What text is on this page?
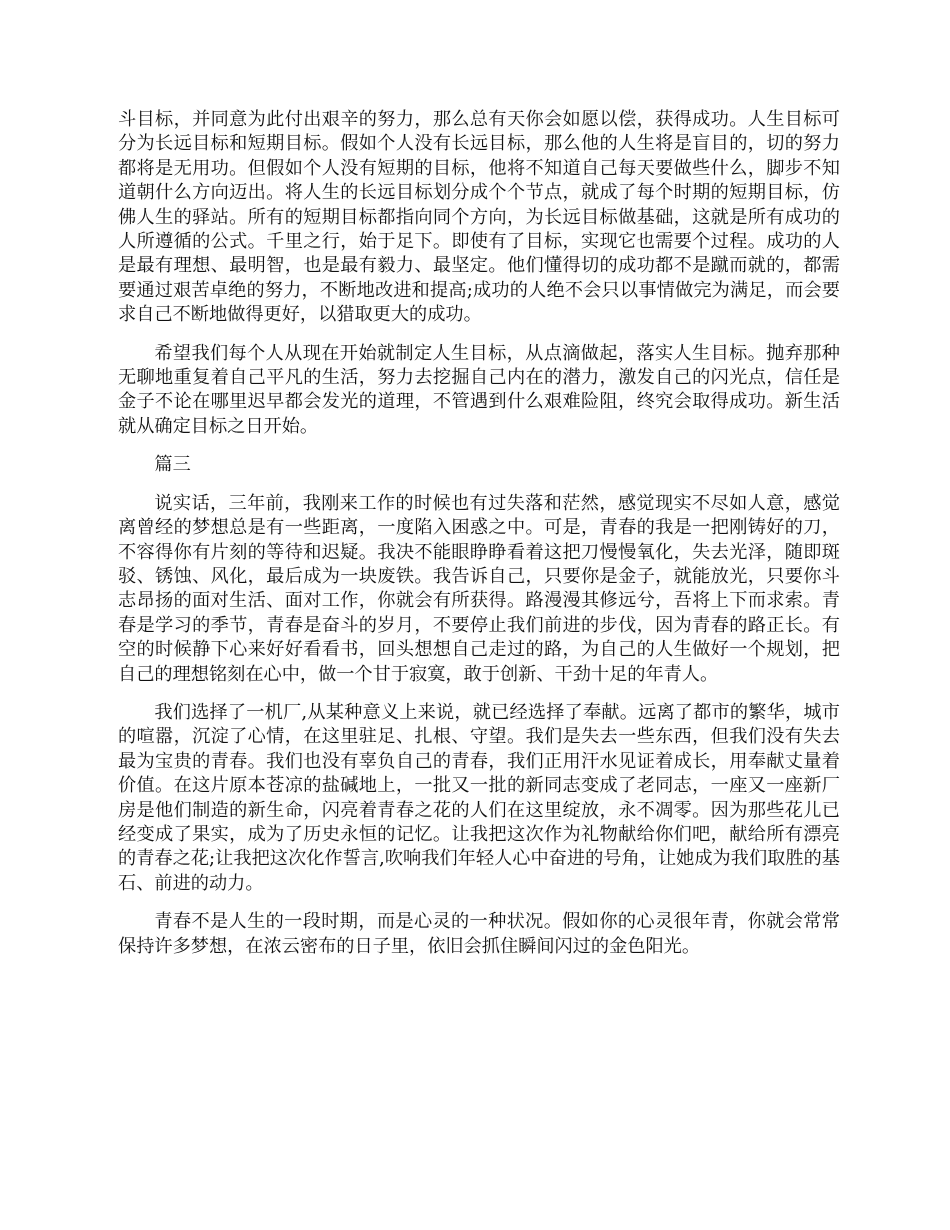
斗目标，并同意为此付出艰辛的努力，那么总有天你会如愿以偿，获得成功。人生目标可分为长远目标和短期目标。假如个人没有长远目标，那么他的人生将是盲目的，切的努力都将是无用功。但假如个人没有短期的目标，他将不知道自己每天要做些什么，脚步不知道朝什么方向迈出。将人生的长远目标划分成个个节点，就成了每个时期的短期目标，仿佛人生的驿站。所有的短期目标都指向同个方向，为长远目标做基础，这就是所有成功的人所遵循的公式。千里之行，始于足下。即使有了目标，实现它也需要个过程。成功的人是最有理想、最明智，也是最有毅力、最坚定。他们懂得切的成功都不是蹴而就的，都需要通过艰苦卓绝的努力，不断地改进和提高;成功的人绝不会只以事情做完为满足，而会要求自己不断地做得更好，以猎取更大的成功。

希望我们每个人从现在开始就制定人生目标，从点滴做起，落实人生目标。抛弃那种无聊地重复着自己平凡的生活，努力去挖掘自己内在的潜力，激发自己的闪光点，信任是金子不论在哪里迟早都会发光的道理，不管遇到什么艰难险阻，终究会取得成功。新生活就从确定目标之日开始。

篇三

说实话，三年前，我刚来工作的时候也有过失落和茫然，感觉现实不尽如人意，感觉离曾经的梦想总是有一些距离，一度陷入困惑之中。可是，青春的我是一把刚铸好的刀，不容得你有片刻的等待和迟疑。我决不能眼睁睁看着这把刀慢慢氧化，失去光泽，随即斑驳、锈蚀、风化，最后成为一块废铁。我告诉自己，只要你是金子，就能放光，只要你斗志昂扬的面对生活、面对工作，你就会有所获得。路漫漫其修远兮，吾将上下而求索。青春是学习的季节，青春是奋斗的岁月，不要停止我们前进的步伐，因为青春的路正长。有空的时候静下心来好好看看书，回头想想自己走过的路，为自己的人生做好一个规划，把自己的理想铭刻在心中，做一个甘于寂寞，敢于创新、干劲十足的年青人。

我们选择了一机厂,从某种意义上来说，就已经选择了奉献。远离了都市的繁华，城市的喧嚣，沉淀了心情，在这里驻足、扎根、守望。我们是失去一些东西，但我们没有失去最为宝贵的青春。我们也没有辜负自己的青春，我们正用汗水见证着成长，用奉献丈量着价值。在这片原本苍凉的盐碱地上，一批又一批的新同志变成了老同志，一座又一座新厂房是他们制造的新生命，闪亮着青春之花的人们在这里绽放，永不凋零。因为那些花儿已经变成了果实，成为了历史永恒的记忆。让我把这次作为礼物献给你们吧，献给所有漂亮的青春之花;让我把这次化作誓言,吹响我们年轻人心中奋进的号角，让她成为我们取胜的基石、前进的动力。

青春不是人生的一段时期，而是心灵的一种状况。假如你的心灵很年青，你就会常常保持许多梦想，在浓云密布的日子里，依旧会抓住瞬间闪过的金色阳光。
